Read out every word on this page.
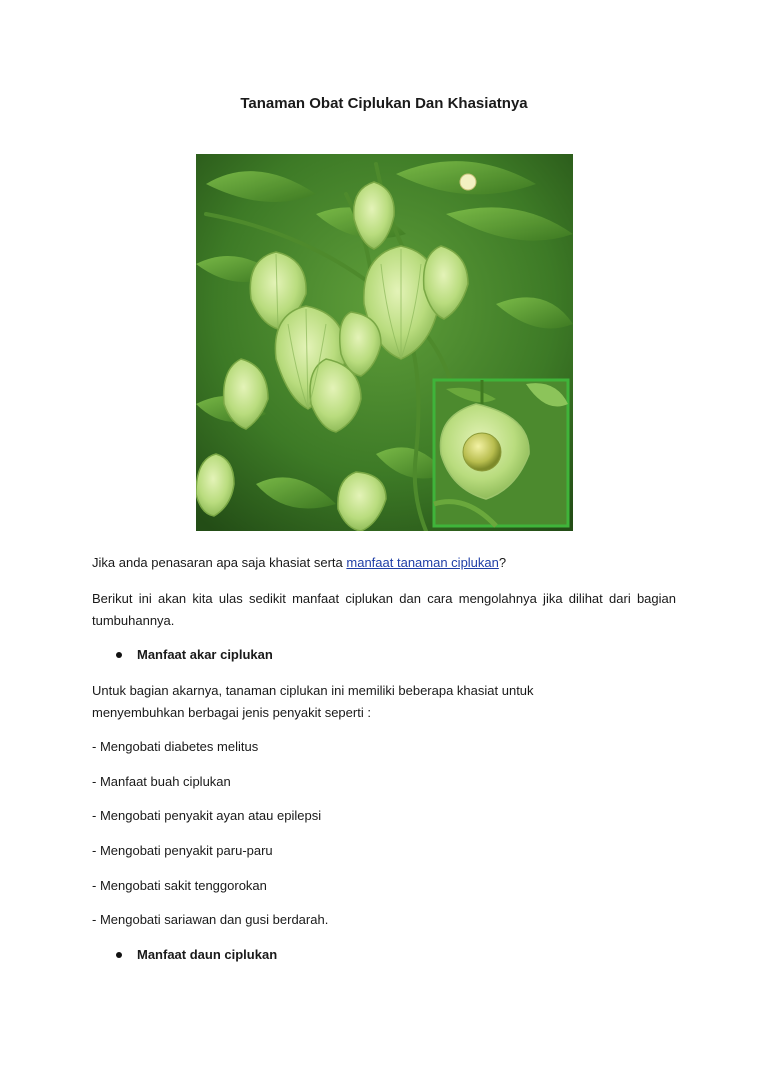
Tanaman Obat Ciplukan Dan Khasiatnya

Jika anda penasaran apa saja khasiat serta manfaat tanaman ciplukan?

Berikut ini akan kita ulas sedikit manfaat ciplukan dan cara mengolahnya jika dilihat dari bagian tumbuhannya.

Manfaat akar ciplukan

Untuk bagian akarnya, tanaman ciplukan ini memiliki beberapa khasiat untuk

menyembuhkan berbagai jenis penyakit seperti :

- Mengobati diabetes melitus

- Manfaat buah ciplukan

- Mengobati penyakit ayan atau epilepsi

- Mengobati penyakit paru-paru

- Mengobati sakit tenggorokan

- Mengobati sariawan dan gusi berdarah.

Manfaat daun ciplukan
